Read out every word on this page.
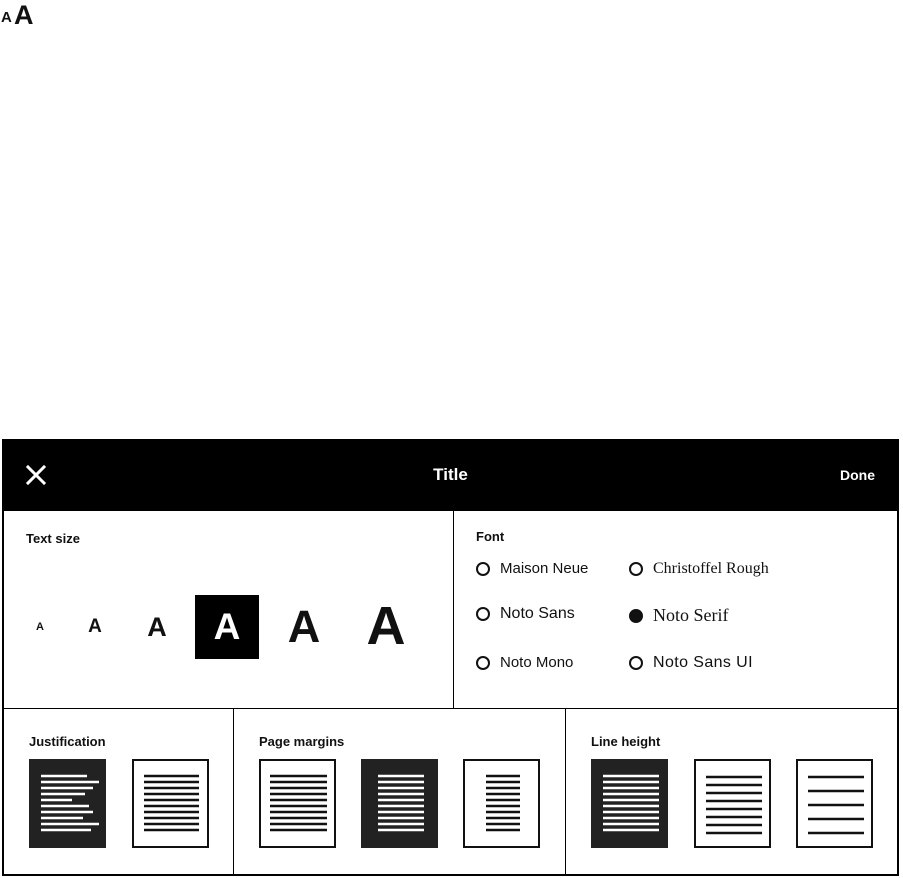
A A
Title	Done
Text size
A	A	A	A	A A
Font
Maison Neue	Christoffel Rough
Noto Sans	Noto Serif
Noto Mono	Noto Sans UI
Justification	Page margins	Line height
